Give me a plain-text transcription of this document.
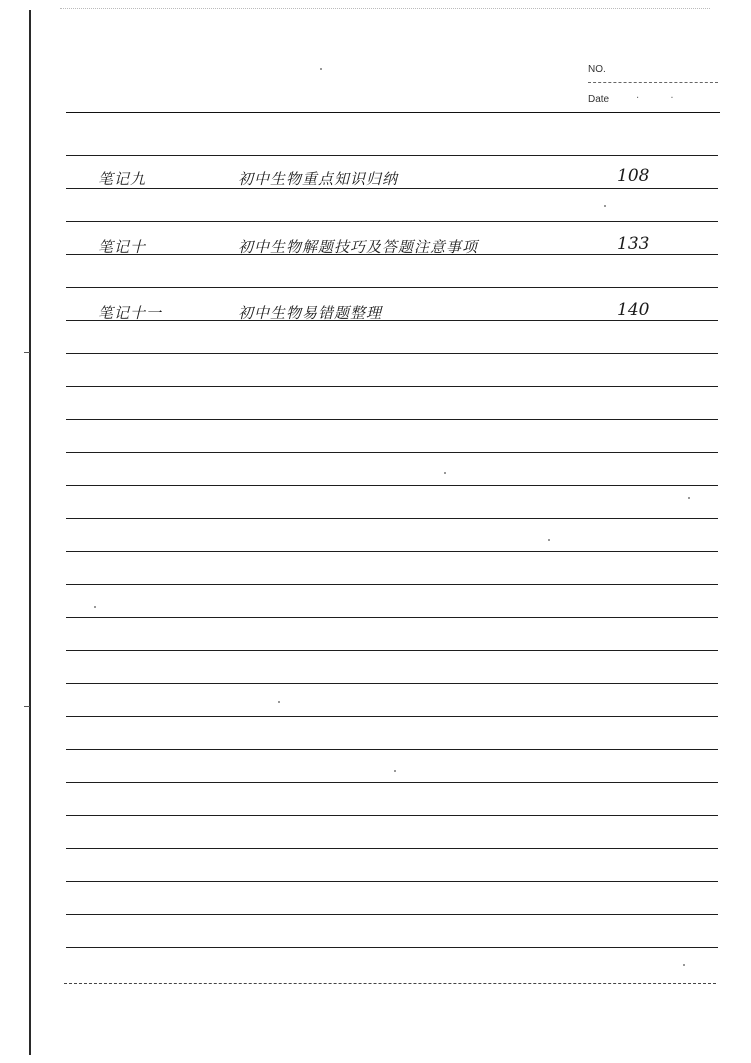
NO.
Date	· ·
笔记九	初中生物重点知识归纳	108
笔记十	初中生物解题技巧及答题注意事项	133
笔记十一	初中生物易错题整理	140
